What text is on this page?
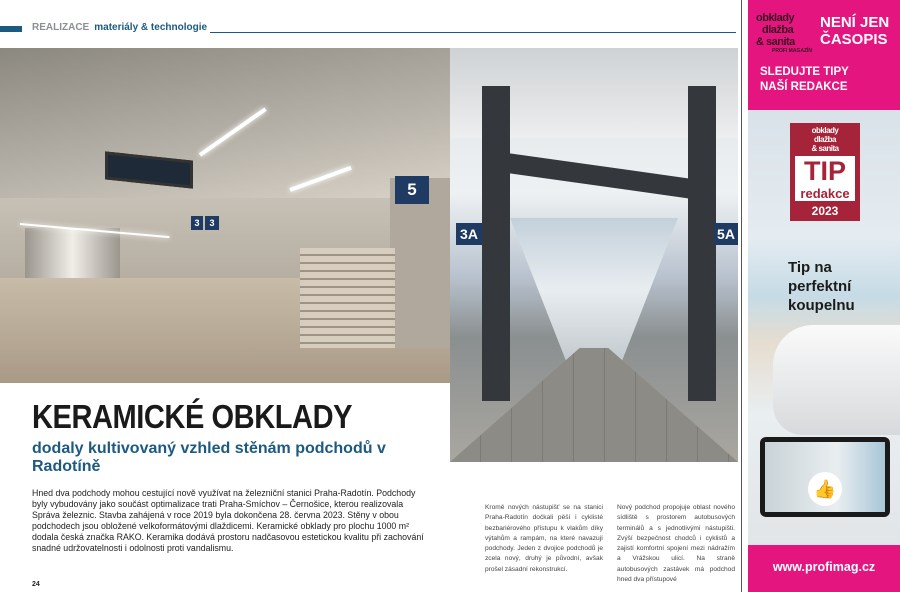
REALIZACE materiály & technologie
5
3	3
3A	5A
KERAMICKÉ OBKLADY
dodaly kultivovaný vzhled stěnám podchodů v Radotíně
Hned dva podchody mohou cestující nově využívat na železniční stanici Praha-Radotín. Podchody byly vybudovány jako součást optimalizace trati Praha-Smíchov – Černošice, kterou realizovala Správa železnic. Stavba zahájená v roce 2019 byla dokončena 28. června 2023. Stěny v obou podchodech jsou obložené velkoformátovými dlaždicemi. Keramické obklady pro plochu 1000 m² dodala česká značka RAKO. Keramika dodává prostoru nadčasovou estetickou kvalitu při zachování snadné udržovatelnosti i odolnosti proti vandalismu.
24
Kromě nových nástupišť se na stanici Praha-Radotín dočkali pěší i cyklisté bezbariérového přístupu k vlakům díky výtahům a rampám, na které navazují podchody. Jeden z dvojice podchodů je zcela nový, druhý je původní, avšak prošel zásadní rekonstrukcí.
Nový podchod propojuje oblast nového sídliště s prostorem autobusových terminálů a s jednotlivými nástupišti. Zvýší bezpečnost chodců i cyklistů a zajistí komfortní spojení mezi nádražím a Vrážskou ulicí. Na straně autobusových zastávek má podchod hned dva přístupové
obklady
dlažba
& sanita
PROFI MAGAZÍN
NENÍ JEN
ČASOPIS
SLEDUJTE TIPY
NAŠÍ REDAKCE
obklady
dlažba
& sanita
TIP
redakce
2023
Tip na
perfektní
koupelnu
👍
www.profimag.cz
